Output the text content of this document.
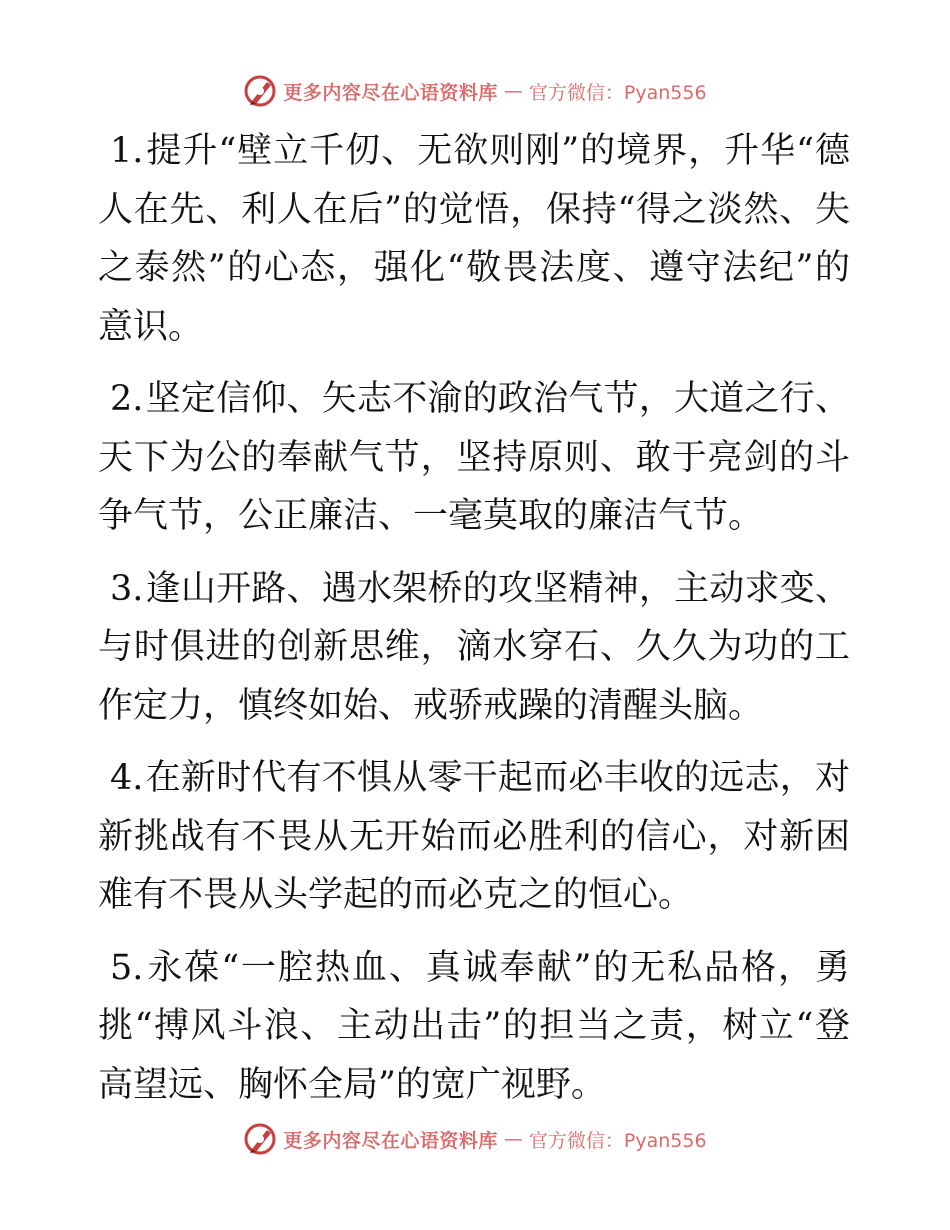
更多内容尽在心语资料库 — 官方微信：Pyan556

1.提升“壁立千仞、无欲则刚”的境界，升华“德人在先、利人在后”的觉悟，保持“得之淡然、失之泰然”的心态，强化“敬畏法度、遵守法纪”的意识。

2.坚定信仰、矢志不渝的政治气节，大道之行、天下为公的奉献气节，坚持原则、敢于亮剑的斗争气节，公正廉洁、一毫莫取的廉洁气节。

3.逢山开路、遇水架桥的攻坚精神，主动求变、与时俱进的创新思维，滴水穿石、久久为功的工作定力，慎终如始、戒骄戒躁的清醒头脑。

4.在新时代有不惧从零干起而必丰收的远志，对新挑战有不畏从无开始而必胜利的信心，对新困难有不畏从头学起的而必克之的恒心。

5.永葆“一腔热血、真诚奉献”的无私品格，勇挑“搏风斗浪、主动出击”的担当之责，树立“登高望远、胸怀全局”的宽广视野。

更多内容尽在心语资料库 — 官方微信：Pyan556
